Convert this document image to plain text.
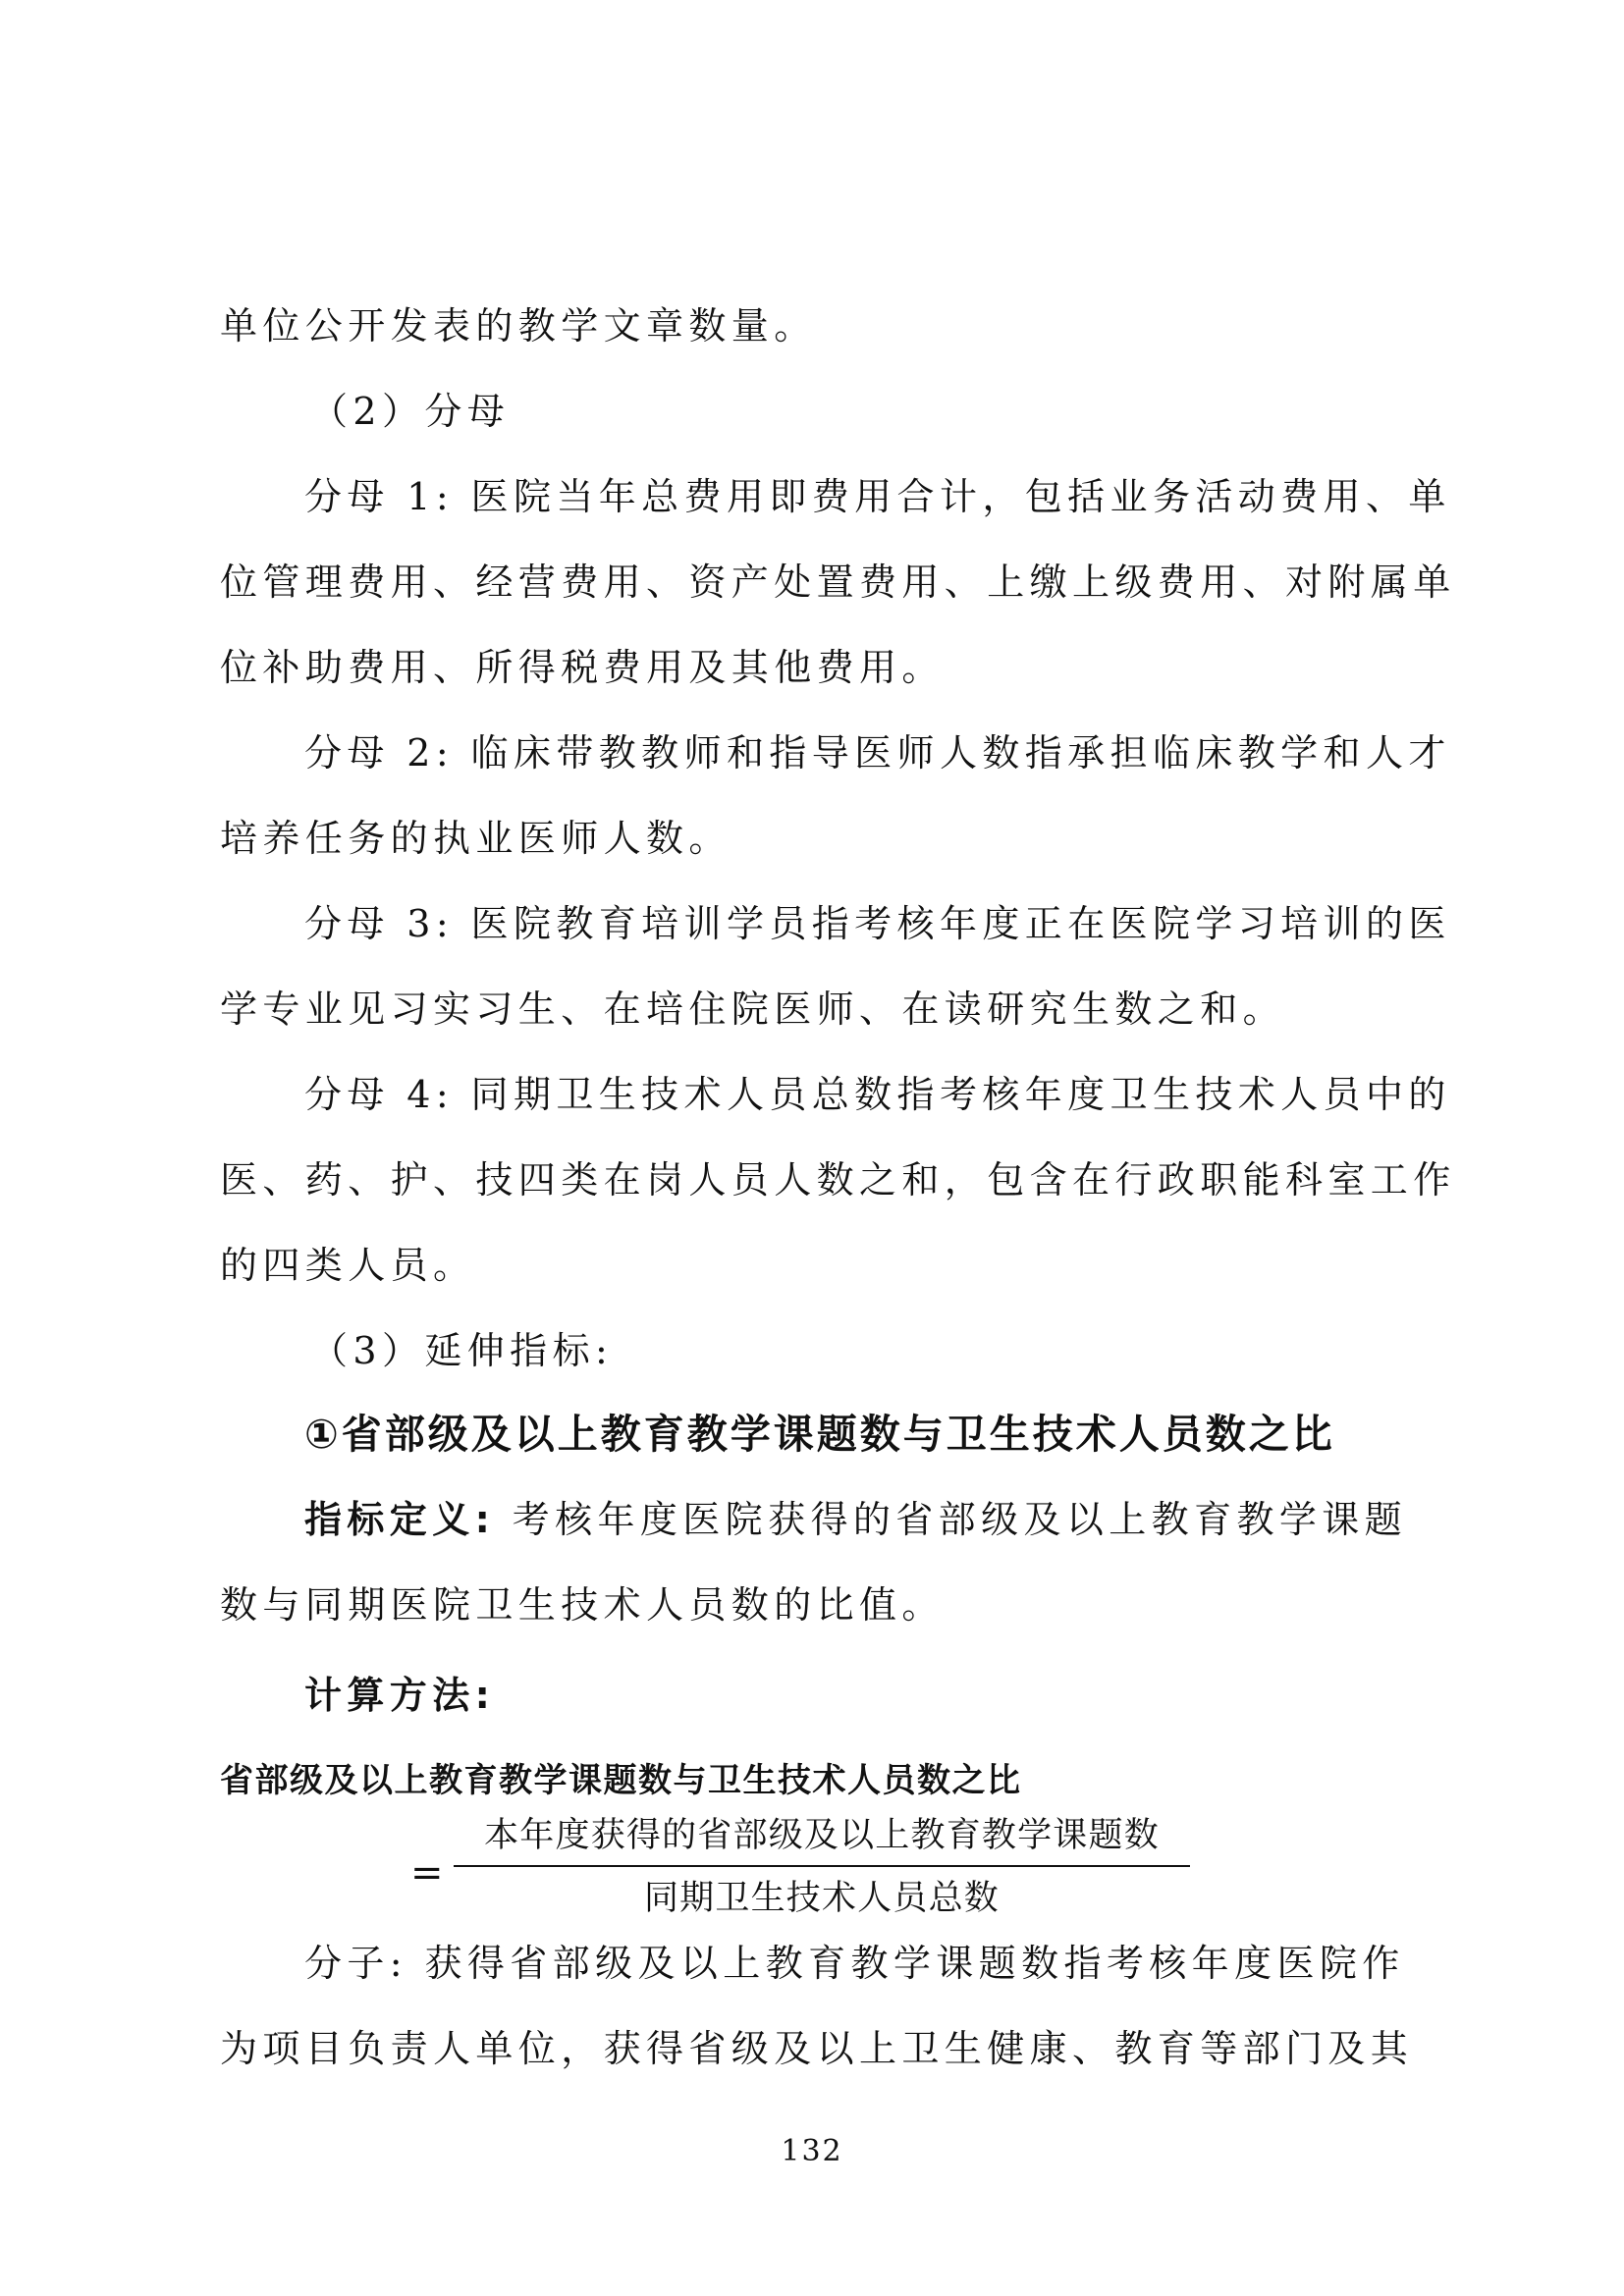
单位公开发表的教学文章数量。
（2）分母
分母 1: 医院当年总费用即费用合计，包括业务活动费用、单
位管理费用、经营费用、资产处置费用、上缴上级费用、对附属单
位补助费用、所得税费用及其他费用。
分母 2: 临床带教教师和指导医师人数指承担临床教学和人才
培养任务的执业医师人数。
分母 3: 医院教育培训学员指考核年度正在医院学习培训的医
学专业见习实习生、在培住院医师、在读研究生数之和。
分母 4: 同期卫生技术人员总数指考核年度卫生技术人员中的
医、药、护、技四类在岗人员人数之和，包含在行政职能科室工作
的四类人员。
（3）延伸指标:
①省部级及以上教育教学课题数与卫生技术人员数之比
指标定义: 考核年度医院获得的省部级及以上教育教学课题
数与同期医院卫生技术人员数的比值。
计算方法:
省部级及以上教育教学课题数与卫生技术人员数之比
=
本年度获得的省部级及以上教育教学课题数
同期卫生技术人员总数
分子: 获得省部级及以上教育教学课题数指考核年度医院作
为项目负责人单位，获得省级及以上卫生健康、教育等部门及其
132
